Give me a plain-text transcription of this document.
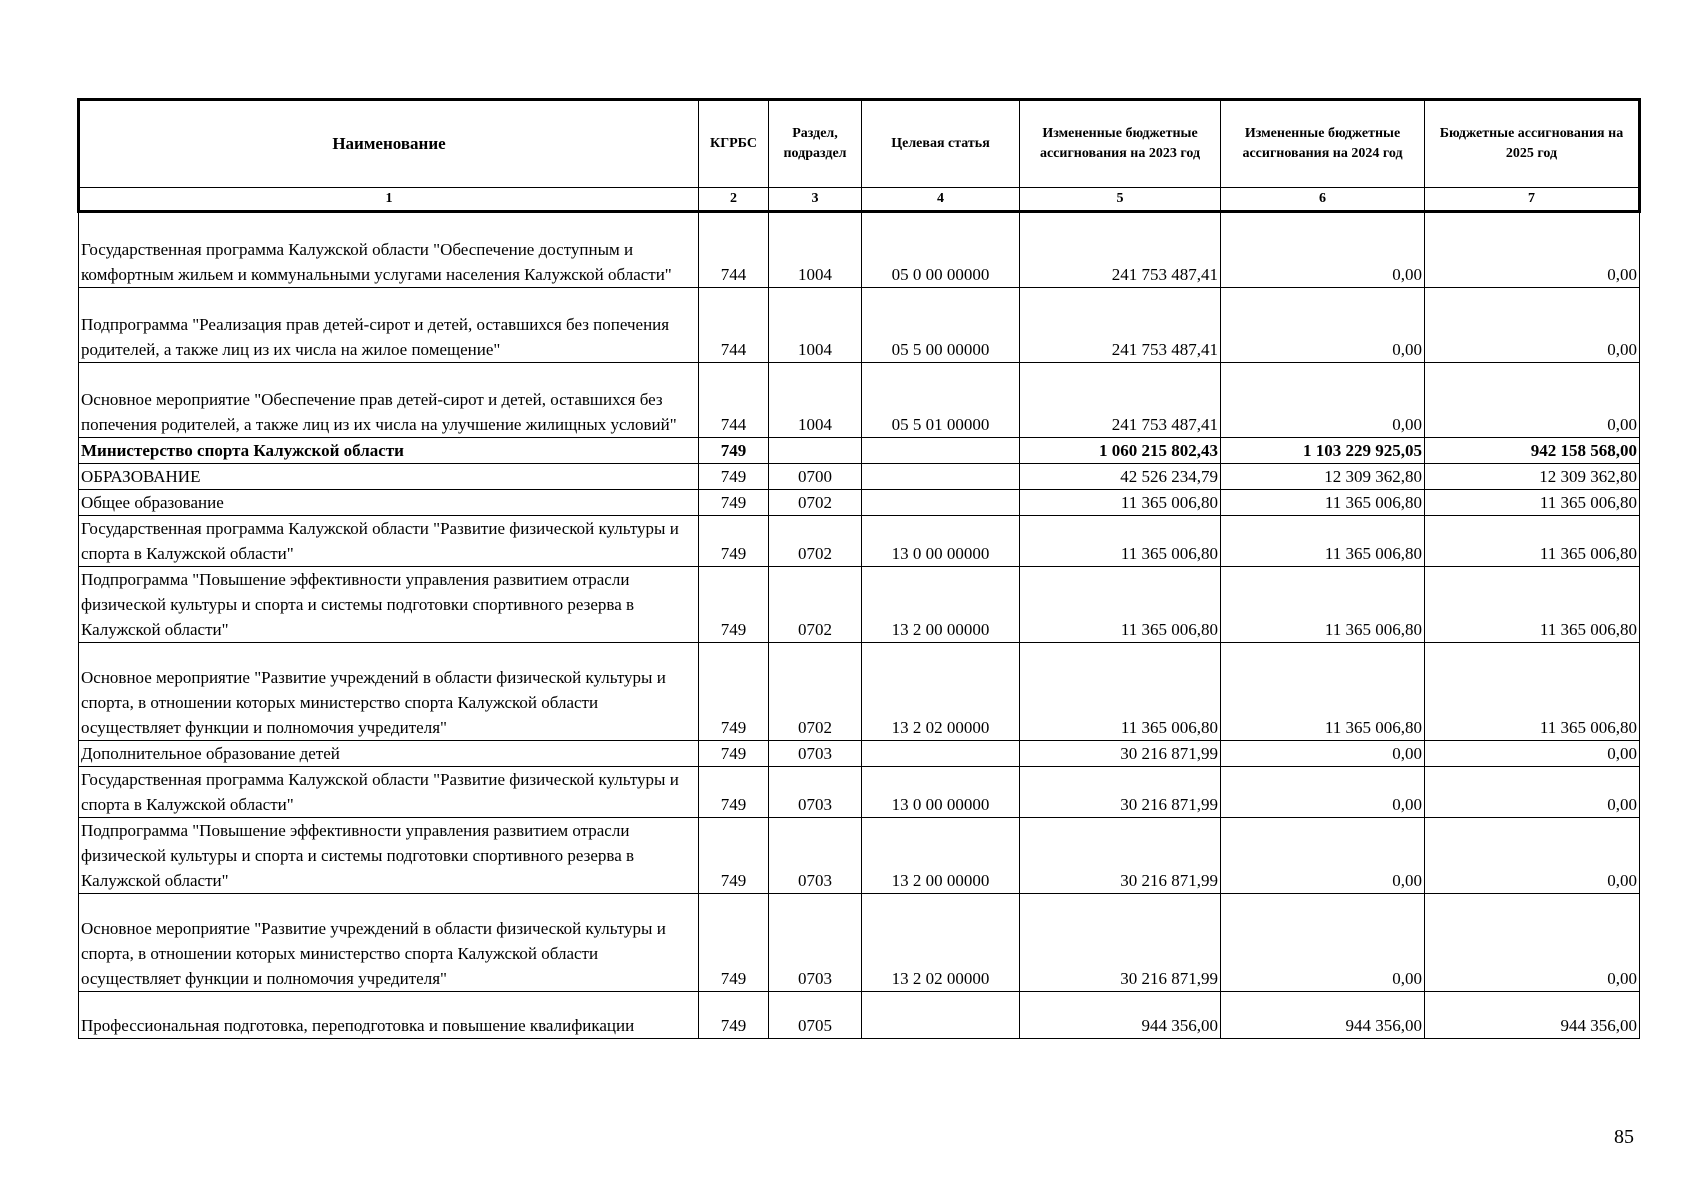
Наименование	КГРБС	Раздел, подраздел	Целевая статья	Измененные бюджетные ассигнования на 2023 год	Измененные бюджетные ассигнования на 2024 год	Бюджетные ассигнования на 2025 год
1	2	3	4	5	6	7
Государственная программа Калужской области "Обеспечение доступным и комфортным жильем и коммунальными услугами населения Калужской области"	744	1004	05 0 00 00000	241 753 487,41	0,00	0,00
Подпрограмма "Реализация прав детей-сирот и детей, оставшихся без попечения родителей, а также лиц из их числа на жилое помещение"	744	1004	05 5 00 00000	241 753 487,41	0,00	0,00
Основное мероприятие "Обеспечение прав детей-сирот и детей, оставшихся без попечения родителей, а также лиц из их числа на улучшение жилищных условий"	744	1004	05 5 01 00000	241 753 487,41	0,00	0,00
Министерство спорта Калужской области	749			1 060 215 802,43	1 103 229 925,05	942 158 568,00
ОБРАЗОВАНИЕ	749	0700		42 526 234,79	12 309 362,80	12 309 362,80
Общее образование	749	0702		11 365 006,80	11 365 006,80	11 365 006,80
Государственная программа Калужской области "Развитие физической культуры и спорта в Калужской области"	749	0702	13 0 00 00000	11 365 006,80	11 365 006,80	11 365 006,80
Подпрограмма "Повышение эффективности управления развитием отрасли физической культуры и спорта и системы подготовки спортивного резерва в Калужской области"	749	0702	13 2 00 00000	11 365 006,80	11 365 006,80	11 365 006,80
Основное мероприятие "Развитие учреждений в области физической культуры и спорта, в отношении которых министерство спорта Калужской области осуществляет функции и полномочия учредителя"	749	0702	13 2 02 00000	11 365 006,80	11 365 006,80	11 365 006,80
Дополнительное образование детей	749	0703		30 216 871,99	0,00	0,00
Государственная программа Калужской области "Развитие физической культуры и спорта в Калужской области"	749	0703	13 0 00 00000	30 216 871,99	0,00	0,00
Подпрограмма "Повышение эффективности управления развитием отрасли физической культуры и спорта и системы подготовки спортивного резерва в Калужской области"	749	0703	13 2 00 00000	30 216 871,99	0,00	0,00
Основное мероприятие "Развитие учреждений в области физической культуры и спорта, в отношении которых министерство спорта Калужской области осуществляет функции и полномочия учредителя"	749	0703	13 2 02 00000	30 216 871,99	0,00	0,00
Профессиональная подготовка, переподготовка и повышение квалификации	749	0705		944 356,00	944 356,00	944 356,00
85
